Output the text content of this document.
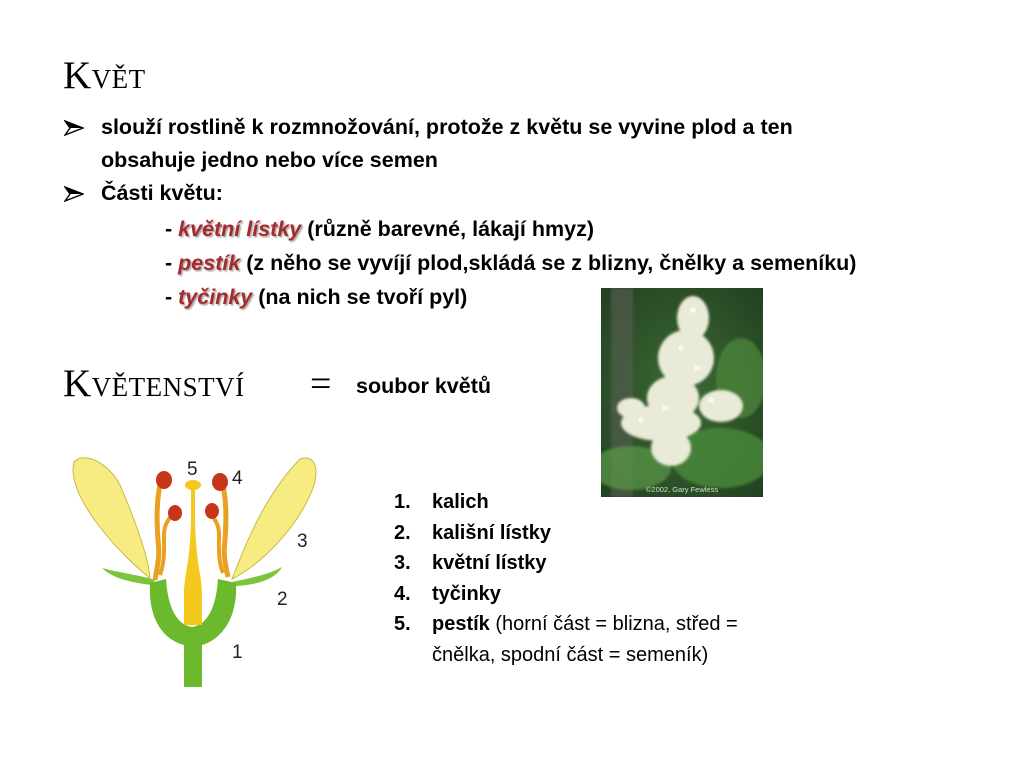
Květ
slouží rostlině k rozmnožování, protože z květu se vyvine plod a ten
obsahuje jedno nebo více semen
Části květu:
- květní lístky (různě barevné, lákají hmyz)
- pestík (z něho se vyvíjí plod,skládá se z blizny, čnělky a semeníku)
- tyčinky (na nich se tvoří pyl)
Květenství = soubor květů
©2002, Gary Fewless
1
2
3
4
5
1. kalich
2. kališní lístky
3. květní lístky
4. tyčinky
5. pestík (horní část = blizna, střed =
čnělka, spodní část = semeník)
